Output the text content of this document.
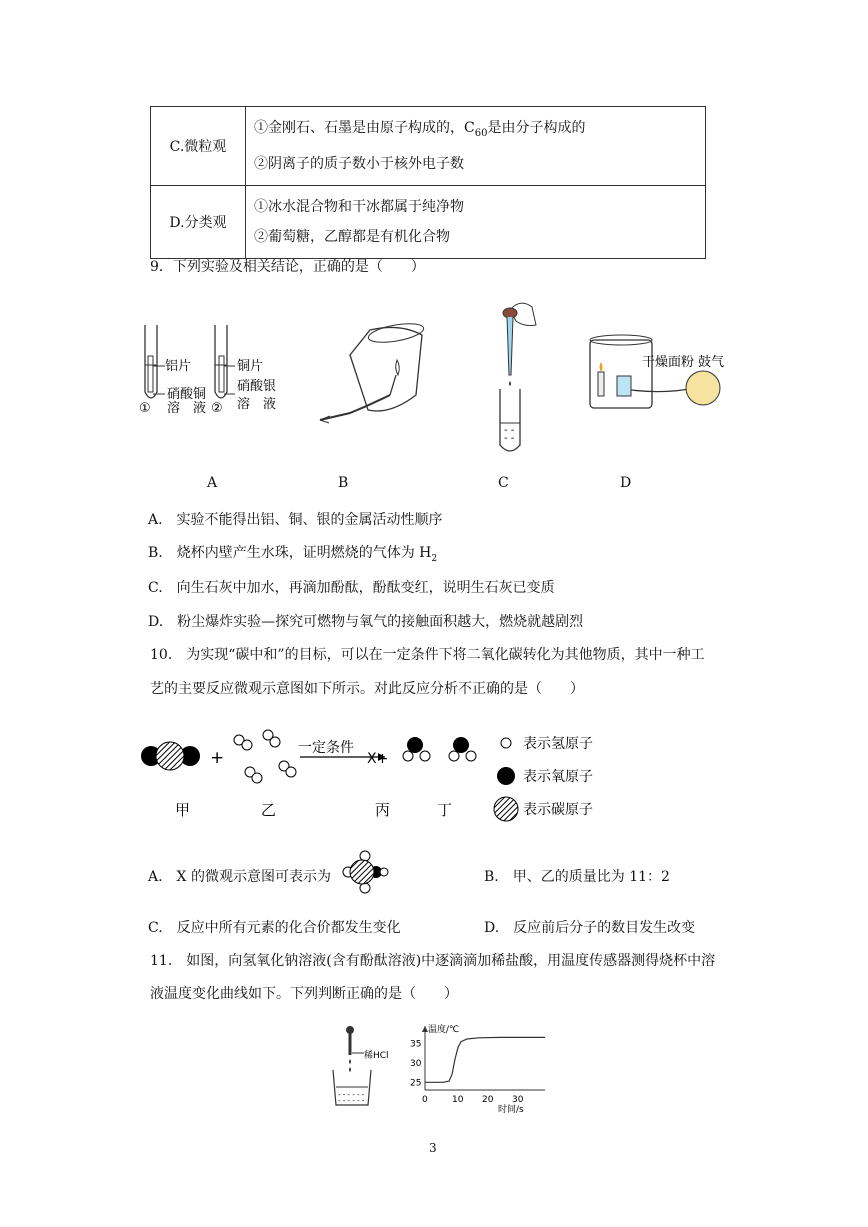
C.微粒观	①金刚石、石墨是由原子构成的，$C_{60}$是由分子构成的
②阴离子的质子数小于核外电子数

D.分类观	①冰水混合物和干冰都属于纯净物
②葡萄糖，乙醇都是有机化合物
9．下列实验及相关结论，正确的是（　　）
铝片
硝酸铜
溶　液
①
铜片
硝酸银
溶　液
②
- -
- -
干燥面粉 鼓气
A	B	C	D
A.　实验不能得出铝、铜、银的金属活动性顺序
B.　烧杯内壁产生水珠，证明燃烧的气体为 $H_2$
C.　向生石灰中加水，再滴加酚酞，酚酞变红，说明生石灰已变质
D.　粉尘爆炸实验—探究可燃物与氧气的接触面积越大，燃烧就越剧烈
10.　为实现“碳中和”的目标，可以在一定条件下将二氧化碳转化为其他物质，其中一种工
艺的主要反应微观示意图如下所示。对此反应分析不正确的是（　　）
+	一定条件
X+
表示氢原子
表示氧原子
表示碳原子
甲	乙	丙	丁
A.　X 的微观示意图可表示为	B.　甲、乙的质量比为 11：2
C.　反应中所有元素的化合价都发生变化	D.　反应前后分子的数目发生改变
11.　如图，向氢氧化钠溶液(含有酚酞溶液)中逐滴滴加稀盐酸，用温度传感器测得烧杯中溶
液温度变化曲线如下。下列判断正确的是（　　）
稀HCl
- - - - - -
- - - - - -
温度/℃
时间/s
0	10 20 30
25
30
35
3
